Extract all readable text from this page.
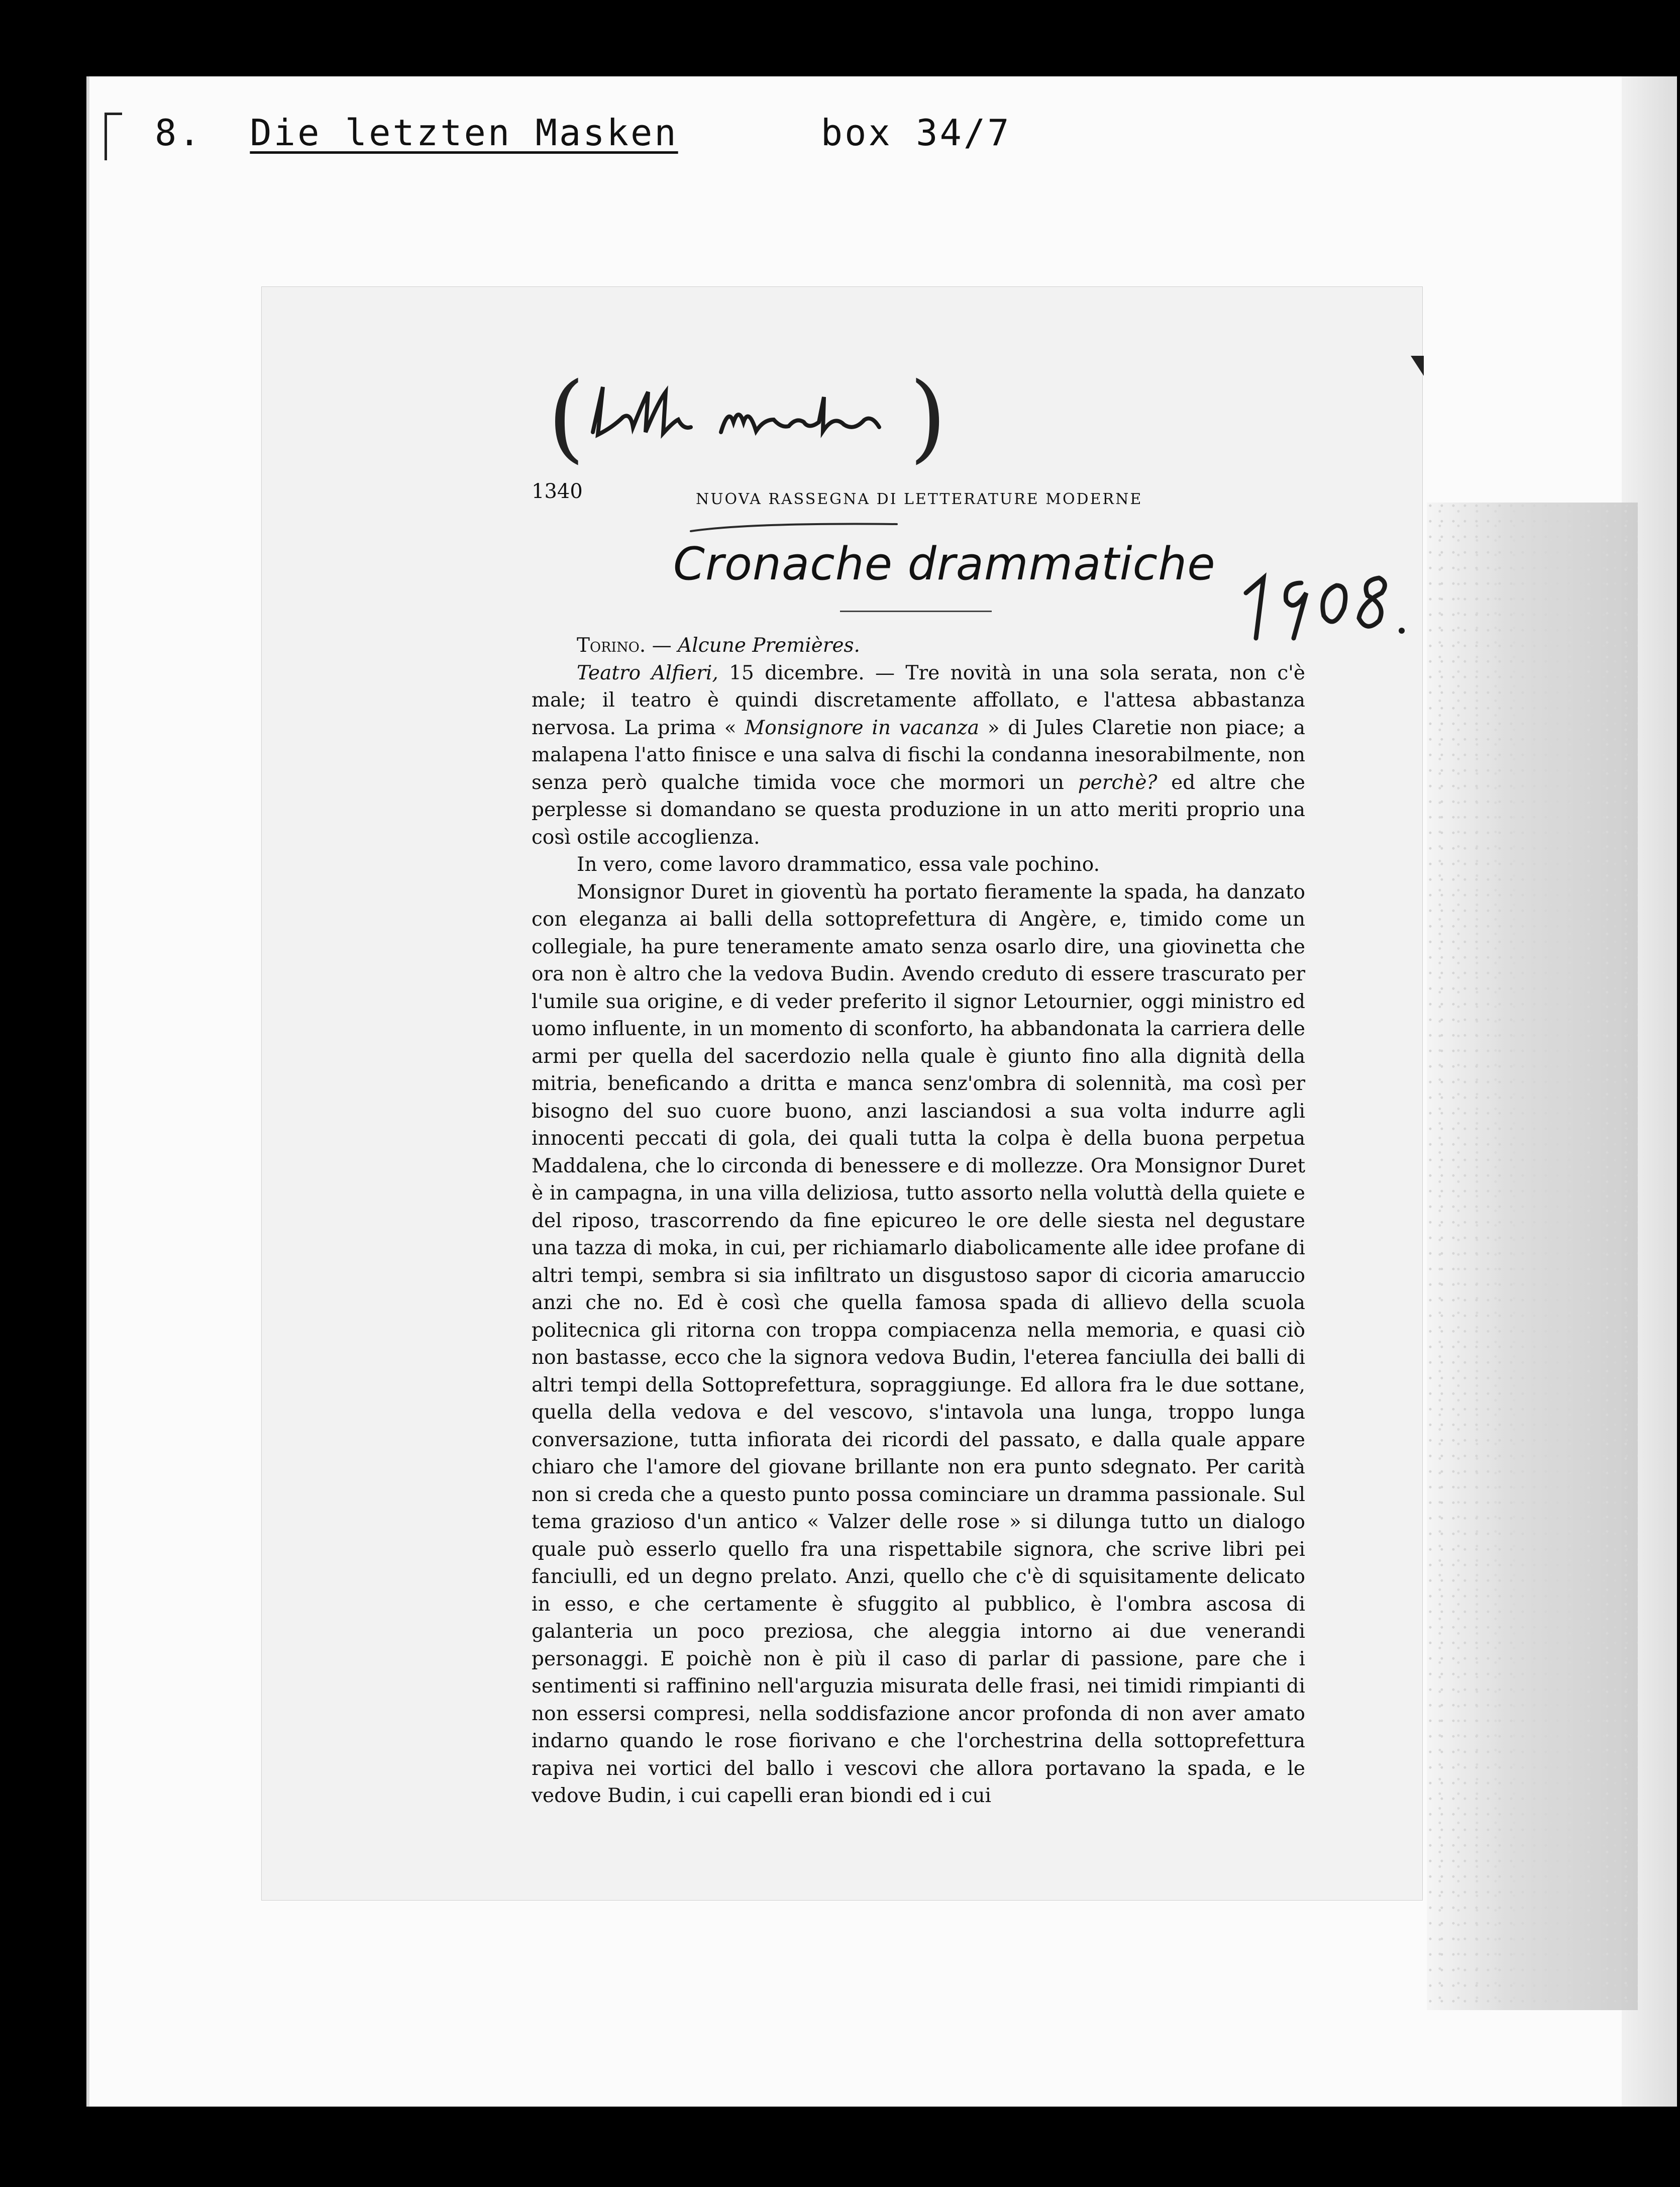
8. Die letzten Masken	box 34/7
(	)
1340	NUOVA RASSEGNA DI LETTERATURE MODERNE
Cronache drammatiche

Torino. — Alcune Premières.

Teatro Alfieri, 15 dicembre. — Tre novità in una sola serata, non c'è male; il teatro è quindi discretamente affollato, e l'attesa abbastanza nervosa. La prima « Monsignore in vacanza » di Jules Claretie non piace; a malapena l'atto finisce e una salva di fischi la condanna inesorabilmente, non senza però qualche timida voce che mormori un perchè? ed altre che perplesse si domandano se questa produzione in un atto meriti proprio una così ostile accoglienza.

In vero, come lavoro drammatico, essa vale pochino.

Monsignor Duret in gioventù ha portato fieramente la spada, ha danzato con eleganza ai balli della sottoprefettura di Angère, e, timido come un collegiale, ha pure teneramente amato senza osarlo dire, una giovinetta che ora non è altro che la vedova Budin. Avendo creduto di essere trascurato per l'umile sua origine, e di veder preferito il signor Letournier, oggi ministro ed uomo influente, in un momento di sconforto, ha abbandonata la carriera delle armi per quella del sacerdozio nella quale è giunto fino alla dignità della mitria, beneficando a dritta e manca senz'ombra di solennità, ma così per bisogno del suo cuore buono, anzi lasciandosi a sua volta indurre agli innocenti peccati di gola, dei quali tutta la colpa è della buona perpetua Maddalena, che lo circonda di benessere e di mollezze. Ora Monsignor Duret è in campagna, in una villa deliziosa, tutto assorto nella voluttà della quiete e del riposo, trascorrendo da fine epicureo le ore delle siesta nel degustare una tazza di moka, in cui, per richiamarlo diabolicamente alle idee profane di altri tempi, sembra si sia infiltrato un disgustoso sapor di cicoria amaruccio anzi che no. Ed è così che quella famosa spada di allievo della scuola politecnica gli ritorna con troppa compiacenza nella memoria, e quasi ciò non bastasse, ecco che la signora vedova Budin, l'eterea fanciulla dei balli di altri tempi della Sottoprefettura, sopraggiunge. Ed allora fra le due sottane, quella della vedova e del vescovo, s'intavola una lunga, troppo lunga conversazione, tutta infiorata dei ricordi del passato, e dalla quale appare chiaro che l'amore del giovane brillante non era punto sdegnato. Per carità non si creda che a questo punto possa cominciare un dramma passionale. Sul tema grazioso d'un antico « Valzer delle rose » si dilunga tutto un dialogo quale può esserlo quello fra una rispettabile signora, che scrive libri pei fanciulli, ed un degno prelato. Anzi, quello che c'è di squisitamente delicato in esso, e che certamente è sfuggito al pubblico, è l'ombra ascosa di galanteria un poco preziosa, che aleggia intorno ai due venerandi personaggi. E poichè non è più il caso di parlar di passione, pare che i sentimenti si raffinino nell'arguzia misurata delle frasi, nei timidi rimpianti di non essersi compresi, nella soddisfazione ancor profonda di non aver amato indarno quando le rose fiorivano e che l'orchestrina della sottoprefettura rapiva nei vortici del ballo i vescovi che allora portavano la spada, e le vedove Budin, i cui capelli eran biondi ed i cui
